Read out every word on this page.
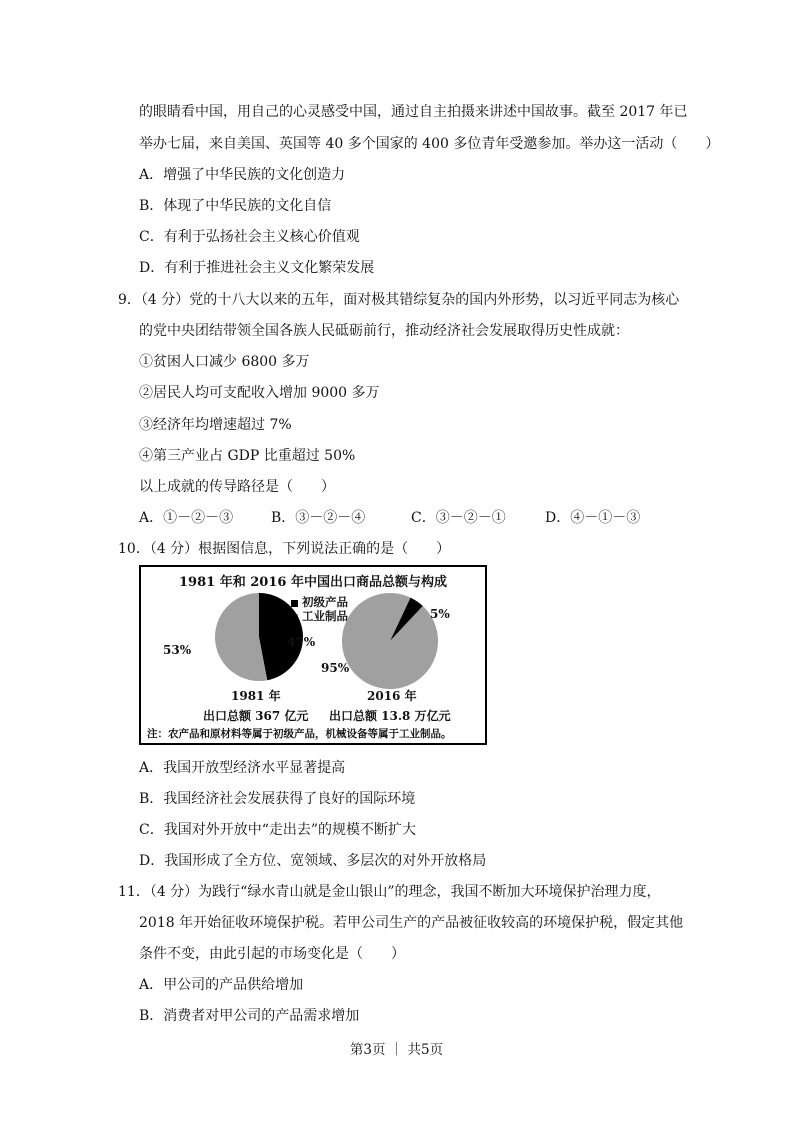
的眼睛看中国，用自己的心灵感受中国，通过自主拍摄来讲述中国故事。截至 2017 年已
举办七届，来自美国、英国等 40 多个国家的 400 多位青年受邀参加。举办这一活动（　　）
A．增强了中华民族的文化创造力
B．体现了中华民族的文化自信
C．有利于弘扬社会主义核心价值观
D．有利于推进社会主义文化繁荣发展
9．（4 分）党的十八大以来的五年，面对极其错综复杂的国内外形势，以习近平同志为核心
的党中央团结带领全国各族人民砥砺前行，推动经济社会发展取得历史性成就：
①贫困人口减少 6800 多万
②居民人均可支配收入增加 9000 多万
③经济年均增速超过 7%
④第三产业占 GDP 比重超过 50%
以上成就的传导路径是（　　）
A．①－②－③	B．③－②－④	C．③－②－①	D．④－①－③
10．（4 分）根据图信息，下列说法正确的是（　　）
1981 年和 2016 年中国出口商品总额与构成
初级产品
工业制品
53%
47%
5%
95%
1981 年	2016 年
出口总额 367 亿元 出口总额 13.8 万亿元
注：农产品和原材料等属于初级产品，机械设备等属于工业制品。
A．我国开放型经济水平显著提高
B．我国经济社会发展获得了良好的国际环境
C．我国对外开放中“走出去”的规模不断扩大
D．我国形成了全方位、宽领域、多层次的对外开放格局
11．（4 分）为践行“绿水青山就是金山银山”的理念，我国不断加大环境保护治理力度，
2018 年开始征收环境保护税。若甲公司生产的产品被征收较高的环境保护税，假定其他
条件不变，由此引起的市场变化是（　　）
A．甲公司的产品供给增加
B．消费者对甲公司的产品需求增加
第3页 ｜ 共5页
